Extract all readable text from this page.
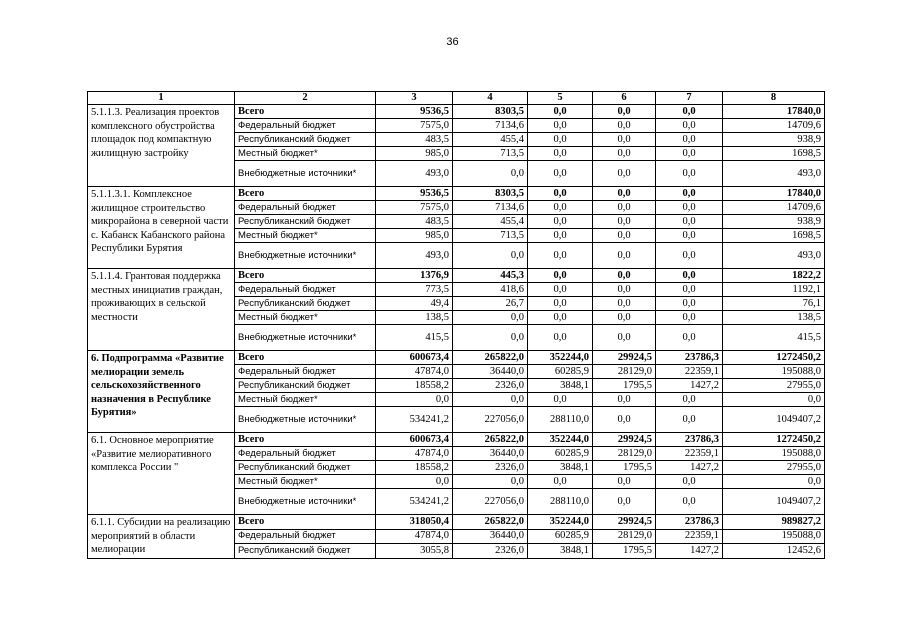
36
1	2	3	4	5	6	7	8
5.1.1.3. Реализация проектов комплексного обустройства площадок под компактную жилищную застройку	Всего	9536,5	8303,5	0,0	0,0	0,0	17840,0
	Федеральный бюджет	7575,0	7134,6	0,0	0,0	0,0	14709,6
	Республиканский бюджет	483,5	455,4	0,0	0,0	0,0	938,9
	Местный бюджет*	985,0	713,5	0,0	0,0	0,0	1698,5
	Внебюджетные источники*	493,0	0,0	0,0	0,0	0,0	493,0
5.1.1.3.1. Комплексное жилищное строительство микрорайона в северной части с. Кабанск Кабанского района Республики Бурятия	Всего	9536,5	8303,5	0,0	0,0	0,0	17840,0
	Федеральный бюджет	7575,0	7134,6	0,0	0,0	0,0	14709,6
	Республиканский бюджет	483,5	455,4	0,0	0,0	0,0	938,9
	Местный бюджет*	985,0	713,5	0,0	0,0	0,0	1698,5
	Внебюджетные источники*	493,0	0,0	0,0	0,0	0,0	493,0
5.1.1.4. Грантовая поддержка местных инициатив граждан, проживающих в сельской местности	Всего	1376,9	445,3	0,0	0,0	0,0	1822,2
	Федеральный бюджет	773,5	418,6	0,0	0,0	0,0	1192,1
	Республиканский бюджет	49,4	26,7	0,0	0,0	0,0	76,1
	Местный бюджет*	138,5	0,0	0,0	0,0	0,0	138,5
	Внебюджетные источники*	415,5	0,0	0,0	0,0	0,0	415,5
6. Подпрограмма «Развитие мелиорации земель сельскохозяйственного назначения в Республике Бурятия»	Всего	600673,4	265822,0	352244,0	29924,5	23786,3	1272450,2
	Федеральный бюджет	47874,0	36440,0	60285,9	28129,0	22359,1	195088,0
	Республиканский бюджет	18558,2	2326,0	3848,1	1795,5	1427,2	27955,0
	Местный бюджет*	0,0	0,0	0,0	0,0	0,0	0,0
	Внебюджетные источники*	534241,2	227056,0	288110,0	0,0	0,0	1049407,2
6.1. Основное мероприятие «Развитие мелиоративного комплекса России "	Всего	600673,4	265822,0	352244,0	29924,5	23786,3	1272450,2
	Федеральный бюджет	47874,0	36440,0	60285,9	28129,0	22359,1	195088,0
	Республиканский бюджет	18558,2	2326,0	3848,1	1795,5	1427,2	27955,0
	Местный бюджет*	0,0	0,0	0,0	0,0	0,0	0,0
	Внебюджетные источники*	534241,2	227056,0	288110,0	0,0	0,0	1049407,2
6.1.1. Субсидии на реализацию мероприятий в области мелиорации	Всего	318050,4	265822,0	352244,0	29924,5	23786,3	989827,2
	Федеральный бюджет	47874,0	36440,0	60285,9	28129,0	22359,1	195088,0
	Республиканский бюджет	3055,8	2326,0	3848,1	1795,5	1427,2	12452,6
